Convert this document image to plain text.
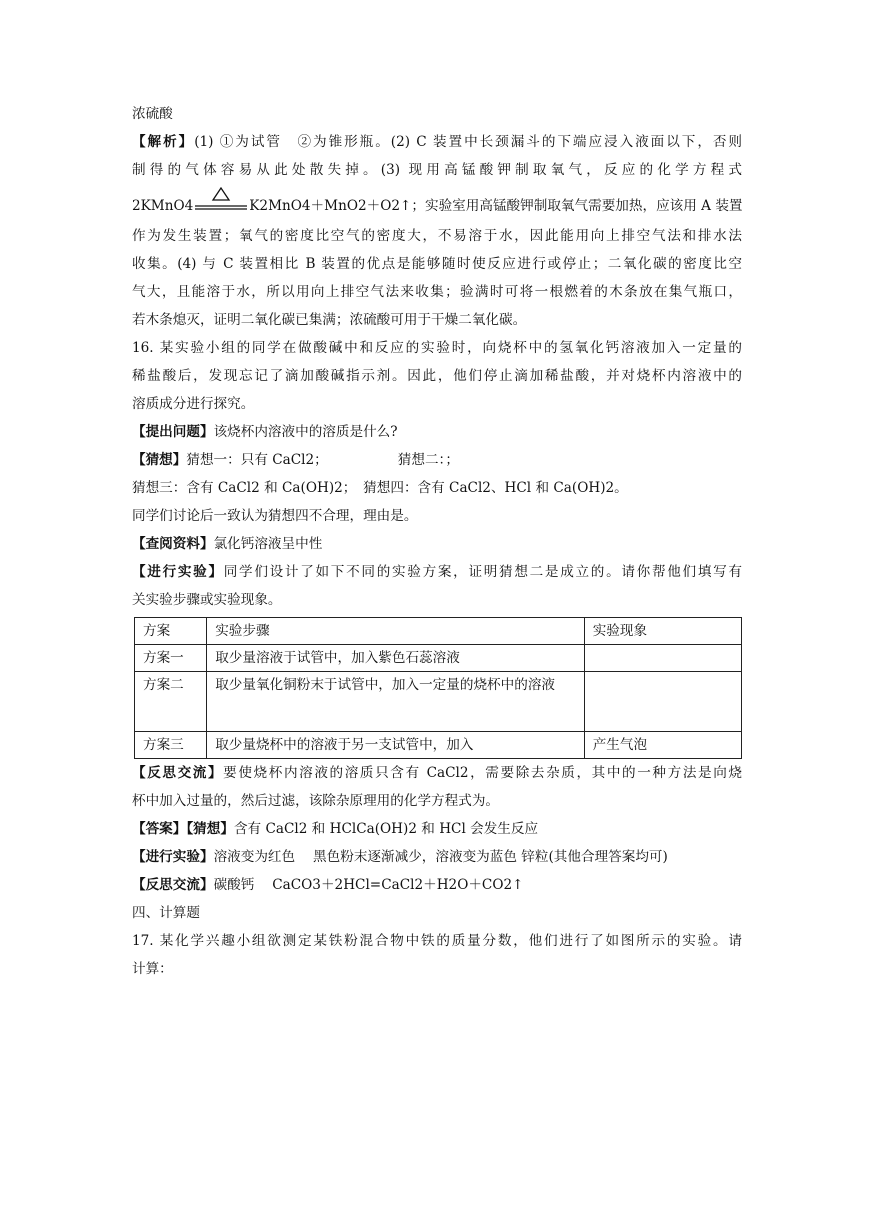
浓硫酸
【解析】(1) ①为试管　②为锥形瓶。(2) C 装置中长颈漏斗的下端应浸入液面以下，否则
制得的气体容易从此处散失掉。(3) 现用高锰酸钾制取氧气，反应的化学方程式
2KMnO4	K2MnO4＋MnO2＋O2↑；实验室用高锰酸钾制取氧气需要加热，应该用 A 装置
作为发生装置；氧气的密度比空气的密度大，不易溶于水，因此能用向上排空气法和排水法
收集。(4) 与 C 装置相比 B 装置的优点是能够随时使反应进行或停止；二氧化碳的密度比空
气大，且能溶于水，所以用向上排空气法来收集；验满时可将一根燃着的木条放在集气瓶口，
若木条熄灭，证明二氧化碳已集满；浓硫酸可用于干燥二氧化碳。
16. 某实验小组的同学在做酸碱中和反应的实验时，向烧杯中的氢氧化钙溶液加入一定量的
稀盐酸后，发现忘记了滴加酸碱指示剂。因此，他们停止滴加稀盐酸，并对烧杯内溶液中的
溶质成分进行探究。
【提出问题】该烧杯内溶液中的溶质是什么?
【猜想】猜想一：只有 CaCl2；	猜想二：；
猜想三：含有 CaCl2 和 Ca(OH)2；　猜想四：含有 CaCl2、HCl 和 Ca(OH)2。
同学们讨论后一致认为猜想四不合理，理由是。
【查阅资料】氯化钙溶液呈中性
【进行实验】同学们设计了如下不同的实验方案，证明猜想二是成立的。请你帮他们填写有
关实验步骤或实验现象。
方案	实验步骤	实验现象
方案一	取少量溶液于试管中，加入紫色石蕊溶液	
方案二	取少量氧化铜粉末于试管中，加入一定量的烧杯中的溶液	
方案三	取少量烧杯中的溶液于另一支试管中，加入	产生气泡
【反思交流】要使烧杯内溶液的溶质只含有 CaCl2，需要除去杂质，其中的一种方法是向烧
杯中加入过量的，然后过滤，该除杂原理用的化学方程式为。
【答案】【猜想】含有 CaCl2 和 HClCa(OH)2 和 HCl 会发生反应
【进行实验】溶液变为红色　 黑色粉末逐渐减少，溶液变为蓝色 锌粒(其他合理答案均可)
【反思交流】碳酸钙　 CaCO3＋2HCl=CaCl2＋H2O＋CO2↑
四、计算题
17. 某化学兴趣小组欲测定某铁粉混合物中铁的质量分数，他们进行了如图所示的实验。请
计算：
